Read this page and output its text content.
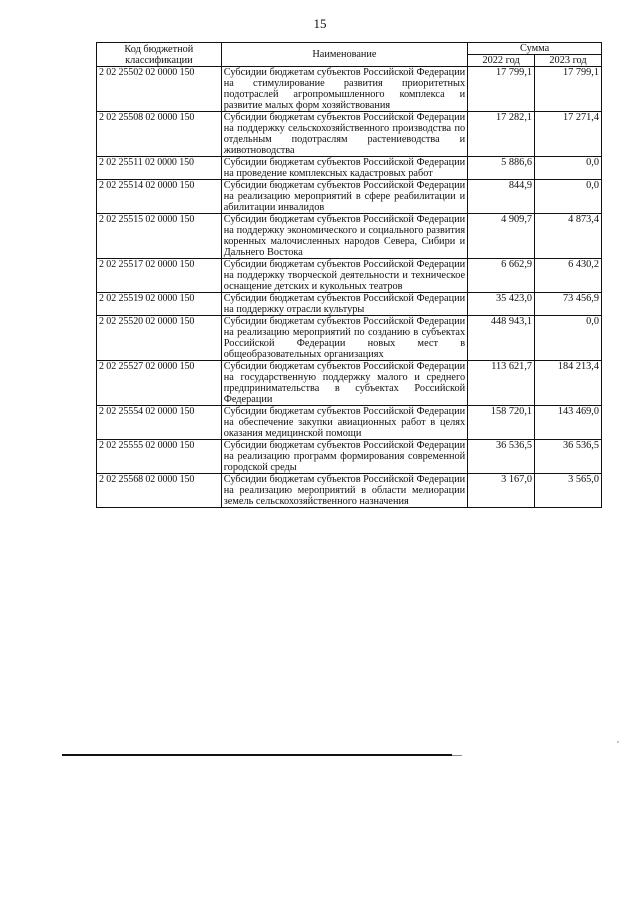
15
Код бюджетной классификации	Наименование	Сумма	
		2022 год	2023 год
2 02 25502 02 0000 150	Субсидии бюджетам субъектов Российской Федерации на стимулирование развития приоритетных подотраслей агропромышленного комплекса и развитие малых форм хозяйствования	17 799,1	17 799,1
2 02 25508 02 0000 150	Субсидии бюджетам субъектов Российской Федерации на поддержку сельскохозяйственного производства по отдельным подотраслям растениеводства и животноводства	17 282,1	17 271,4
2 02 25511 02 0000 150	Субсидии бюджетам субъектов Российской Федерации на проведение комплексных кадастровых работ	5 886,6	0,0
2 02 25514 02 0000 150	Субсидии бюджетам субъектов Российской Федерации на реализацию мероприятий в сфере реабилитации и абилитации инвалидов	844,9	0,0
2 02 25515 02 0000 150	Субсидии бюджетам субъектов Российской Федерации на поддержку экономического и социального развития коренных малочисленных народов Севера, Сибири и Дальнего Востока	4 909,7	4 873,4
2 02 25517 02 0000 150	Субсидии бюджетам субъектов Российской Федерации на поддержку творческой деятельности и техническое оснащение детских и кукольных театров	6 662,9	6 430,2
2 02 25519 02 0000 150	Субсидии бюджетам субъектов Российской Федерации на поддержку отрасли культуры	35 423,0	73 456,9
2 02 25520 02 0000 150	Субсидии бюджетам субъектов Российской Федерации на реализацию мероприятий по созданию в субъектах Российской Федерации новых мест в общеобразовательных организациях	448 943,1	0,0
2 02 25527 02 0000 150	Субсидии бюджетам субъектов Российской Федерации на государственную поддержку малого и среднего предпринимательства в субъектах Российской Федерации	113 621,7	184 213,4
2 02 25554 02 0000 150	Субсидии бюджетам субъектов Российской Федерации на обеспечение закупки авиационных работ в целях оказания медицинской помощи	158 720,1	143 469,0
2 02 25555 02 0000 150	Субсидии бюджетам субъектов Российской Федерации на реализацию программ формирования современной городской среды	36 536,5	36 536,5
2 02 25568 02 0000 150	Субсидии бюджетам субъектов Российской Федерации на реализацию мероприятий в области мелиорации земель сельскохозяйственного назначения	3 167,0	3 565,0
,
